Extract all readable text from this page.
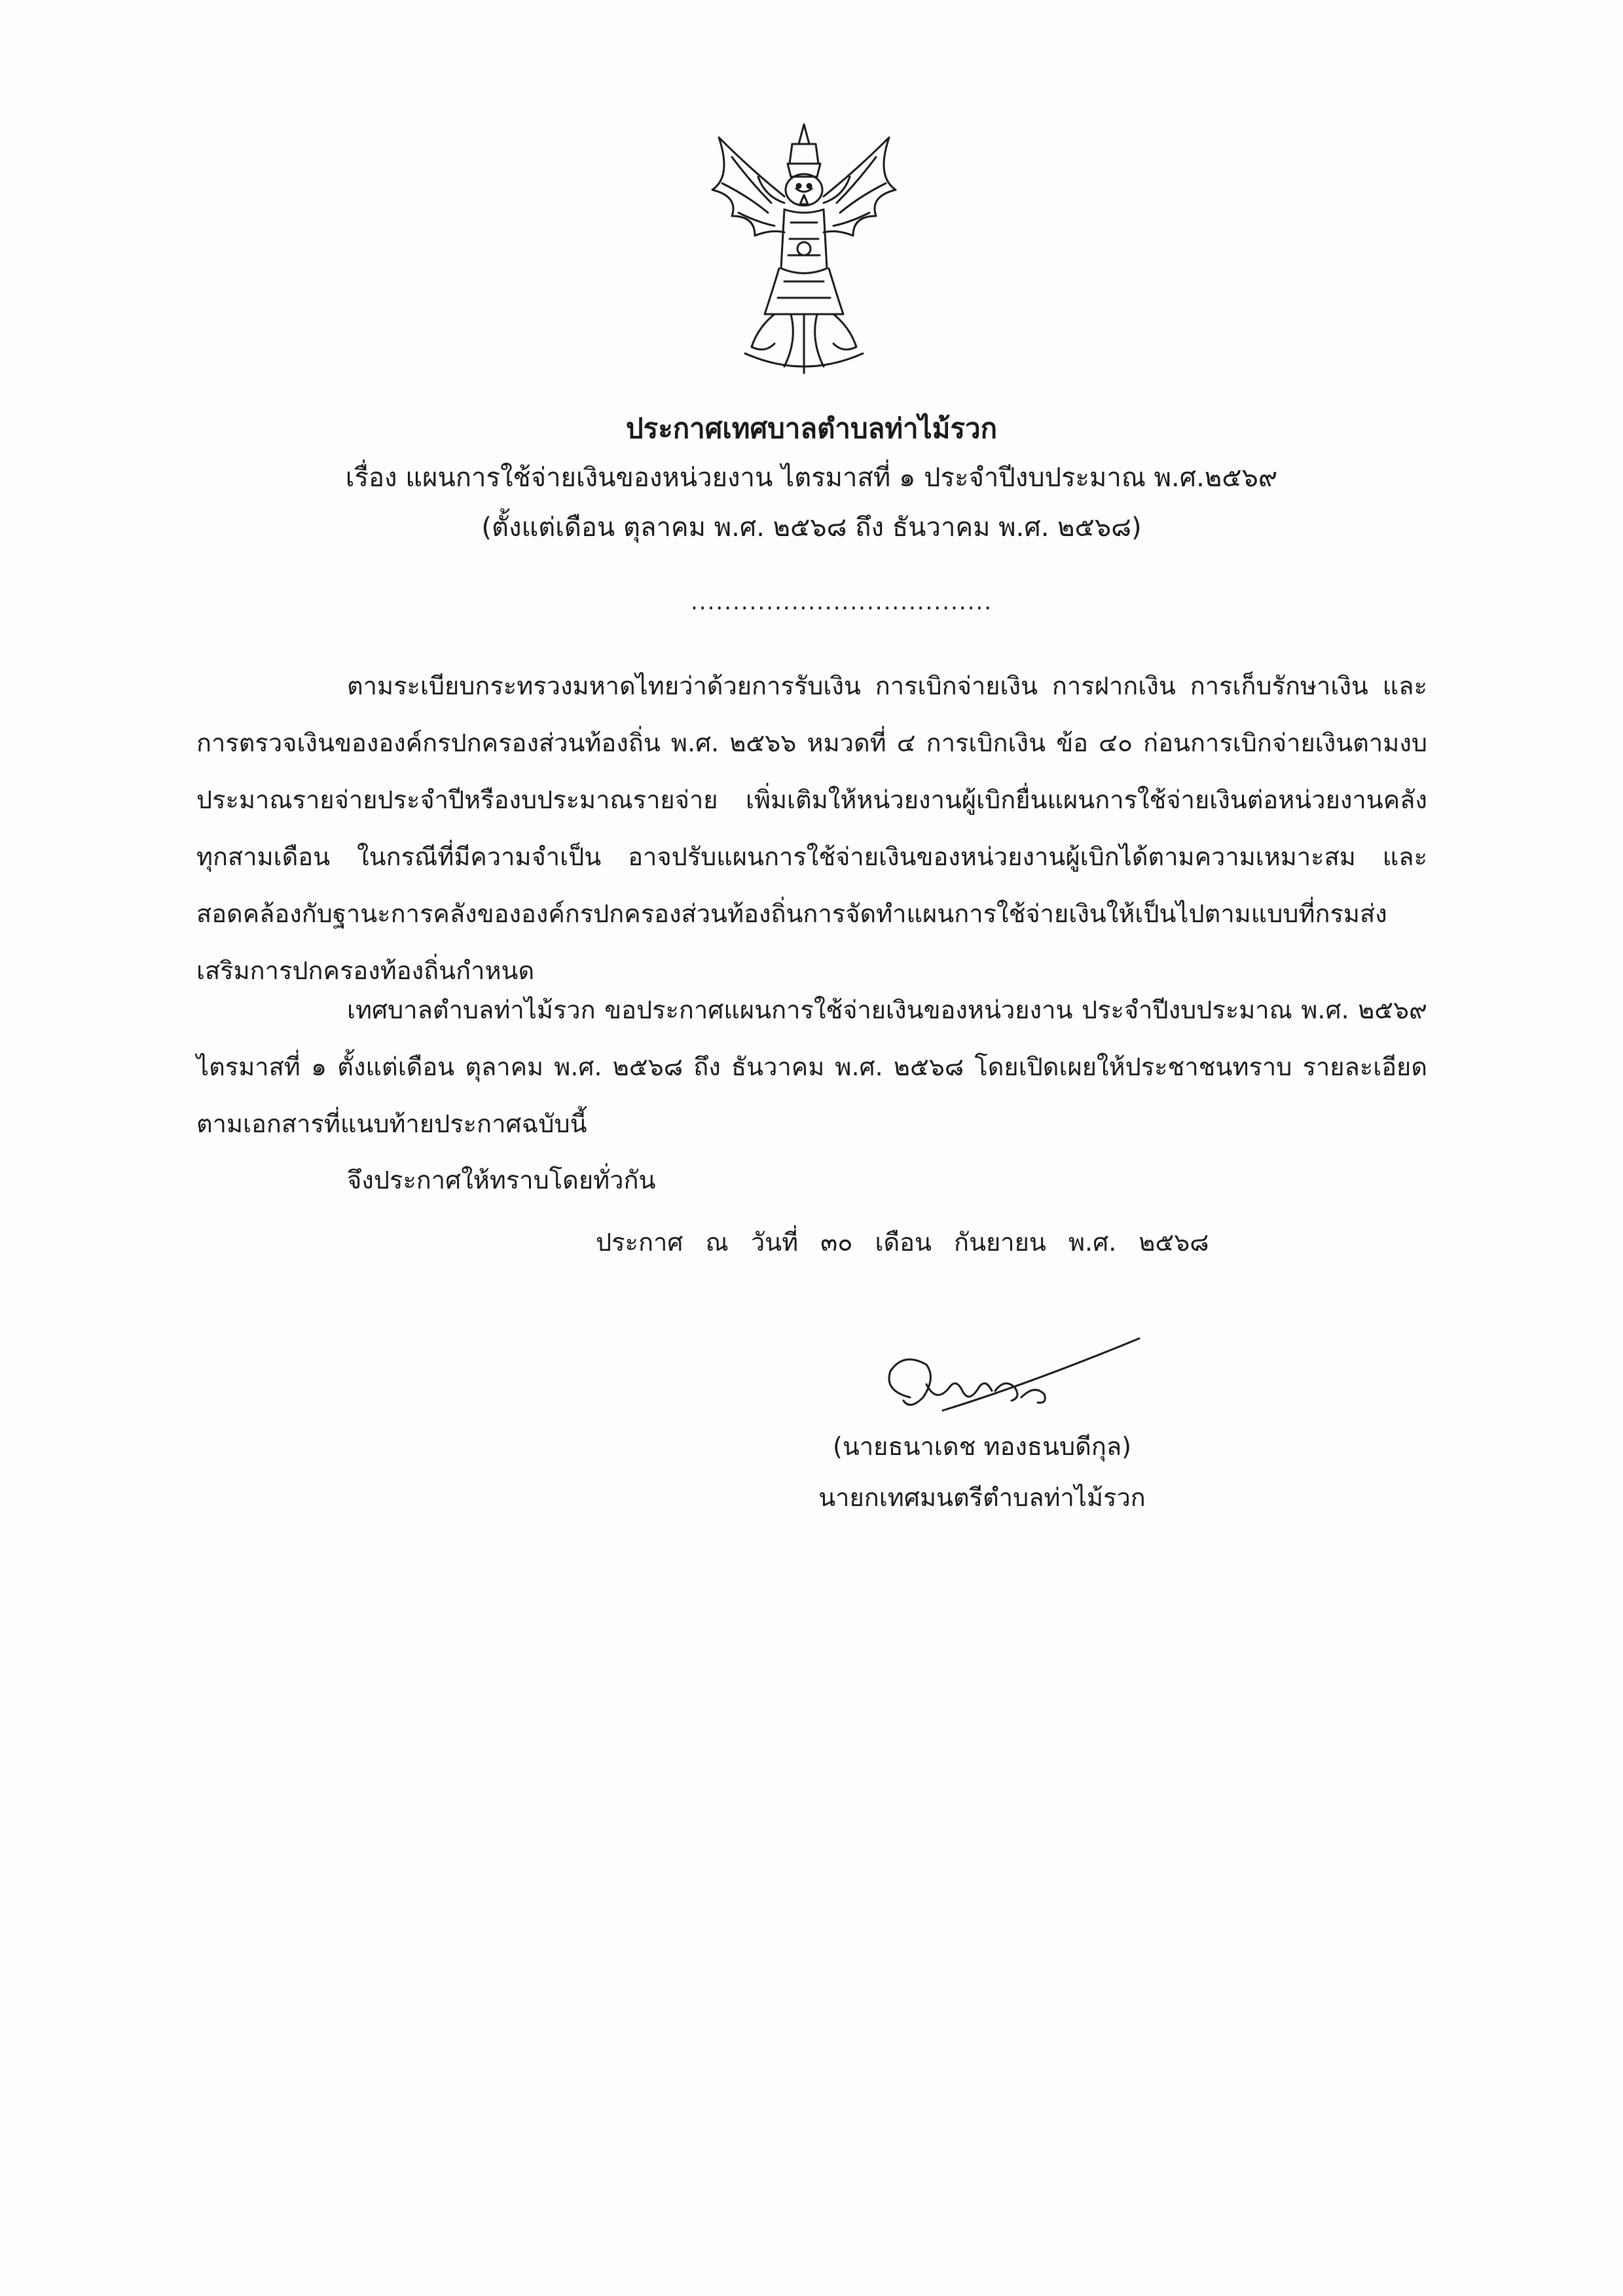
ประกาศเทศบาลตำบลท่าไม้รวก
เรื่อง แผนการใช้จ่ายเงินของหน่วยงาน ไตรมาสที่ ๑ ประจำปีงบประมาณ พ.ศ.๒๕๖๙
(ตั้งแต่เดือน ตุลาคม พ.ศ. ๒๕๖๘ ถึง ธันวาคม พ.ศ. ๒๕๖๘)
....................................

ตามระเบียบกระทรวงมหาดไทยว่าด้วยการรับเงิน การเบิกจ่ายเงิน การฝากเงิน การเก็บรักษาเงิน และการตรวจเงินขององค์กรปกครองส่วนท้องถิ่น พ.ศ. ๒๕๖๖ หมวดที่ ๔ การเบิกเงิน ข้อ ๔๐ ก่อนการเบิกจ่ายเงินตามงบประมาณรายจ่ายประจำปีหรืองบประมาณรายจ่าย เพิ่มเติมให้หน่วยงานผู้เบิกยื่นแผนการใช้จ่ายเงินต่อหน่วยงานคลังทุกสามเดือน ในกรณีที่มีความจำเป็น อาจปรับแผนการใช้จ่ายเงินของหน่วยงานผู้เบิกได้ตามความเหมาะสม และสอดคล้องกับฐานะการคลังขององค์กรปกครองส่วนท้องถิ่นการจัดทำแผนการใช้จ่ายเงินให้เป็นไปตามแบบที่กรมส่งเสริมการปกครองท้องถิ่นกำหนด

เทศบาลตำบลท่าไม้รวก ขอประกาศแผนการใช้จ่ายเงินของหน่วยงาน ประจำปีงบประมาณ พ.ศ. ๒๕๖๙ ไตรมาสที่ ๑ ตั้งแต่เดือน ตุลาคม พ.ศ. ๒๕๖๘ ถึง ธันวาคม พ.ศ. ๒๕๖๘ โดยเปิดเผยให้ประชาชนทราบ รายละเอียดตามเอกสารที่แนบท้ายประกาศฉบับนี้

จึงประกาศให้ทราบโดยทั่วกัน

ประกาศ ณ วันที่ ๓๐ เดือน กันยายน พ.ศ. ๒๕๖๘
(นายธนาเดช ทองธนบดีกุล)
นายกเทศมนตรีตำบลท่าไม้รวก
